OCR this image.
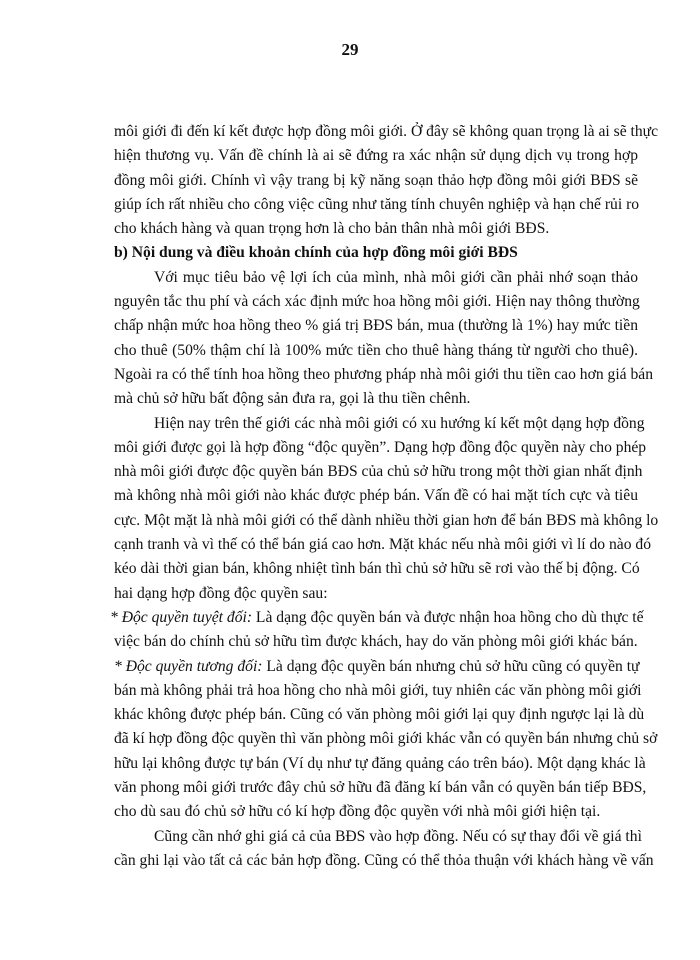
29
môi giới đi đến kí kết được hợp đồng môi giới. Ở đây sẽ không quan trọng là ai sẽ thực
hiện thương vụ. Vấn đề chính là ai sẽ đứng ra xác nhận sử dụng dịch vụ trong hợp
đồng môi giới. Chính vì vậy trang bị kỹ năng soạn thảo hợp đồng môi giới BĐS sẽ
giúp ích rất nhiều cho công việc cũng như tăng tính chuyên nghiệp và hạn chế rủi ro
cho khách hàng và quan trọng hơn là cho bản thân nhà môi giới BĐS.
b) Nội dung và điều khoản chính của hợp đồng môi giới BĐS
Với mục tiêu bảo vệ lợi ích của mình, nhà môi giới cần phải nhớ soạn thảo
nguyên tắc thu phí và cách xác định mức hoa hồng môi giới. Hiện nay thông thường
chấp nhận mức hoa hồng theo % giá trị BĐS bán, mua (thường là 1%) hay mức tiền
cho thuê (50% thậm chí là 100% mức tiền cho thuê hàng tháng từ người cho thuê).
Ngoài ra có thể tính hoa hồng theo phương pháp nhà môi giới thu tiền cao hơn giá bán
mà chủ sở hữu bất động sản đưa ra, gọi là thu tiền chênh.
Hiện nay trên thế giới các nhà môi giới có xu hướng kí kết một dạng hợp đồng
môi giới được gọi là hợp đồng “độc quyền”. Dạng hợp đồng độc quyền này cho phép
nhà môi giới được độc quyền bán BĐS của chủ sở hữu trong một thời gian nhất định
mà không nhà môi giới nào khác được phép bán. Vấn đề có hai mặt tích cực và tiêu
cực. Một mặt là nhà môi giới có thể dành nhiều thời gian hơn để bán BĐS mà không lo
cạnh tranh và vì thế có thể bán giá cao hơn. Mặt khác nếu nhà môi giới vì lí do nào đó
kéo dài thời gian bán, không nhiệt tình bán thì chủ sở hữu sẽ rơi vào thế bị động. Có
hai dạng hợp đồng độc quyền sau:
* Độc quyền tuyệt đối: Là dạng độc quyền bán và được nhận hoa hồng cho dù thực tế
việc bán do chính chủ sở hữu tìm được khách, hay do văn phòng môi giới khác bán.
* Độc quyền tương đối: Là dạng độc quyền bán nhưng chủ sở hữu cũng có quyền tự
bán mà không phải trả hoa hồng cho nhà môi giới, tuy nhiên các văn phòng môi giới
khác không được phép bán. Cũng có văn phòng môi giới lại quy định ngược lại là dù
đã kí hợp đồng độc quyền thì văn phòng môi giới khác vẫn có quyền bán nhưng chủ sở
hữu lại không được tự bán (Ví dụ như tự đăng quảng cáo trên báo). Một dạng khác là
văn phong môi giới trước đây chủ sở hữu đã đăng kí bán vẫn có quyền bán tiếp BĐS,
cho dù sau đó chủ sở hữu có kí hợp đồng độc quyền với nhà môi giới hiện tại.
Cũng cần nhớ ghi giá cả của BĐS vào hợp đồng. Nếu có sự thay đổi về giá thì
cần ghi lại vào tất cả các bản hợp đồng. Cũng có thể thỏa thuận với khách hàng về vấn
